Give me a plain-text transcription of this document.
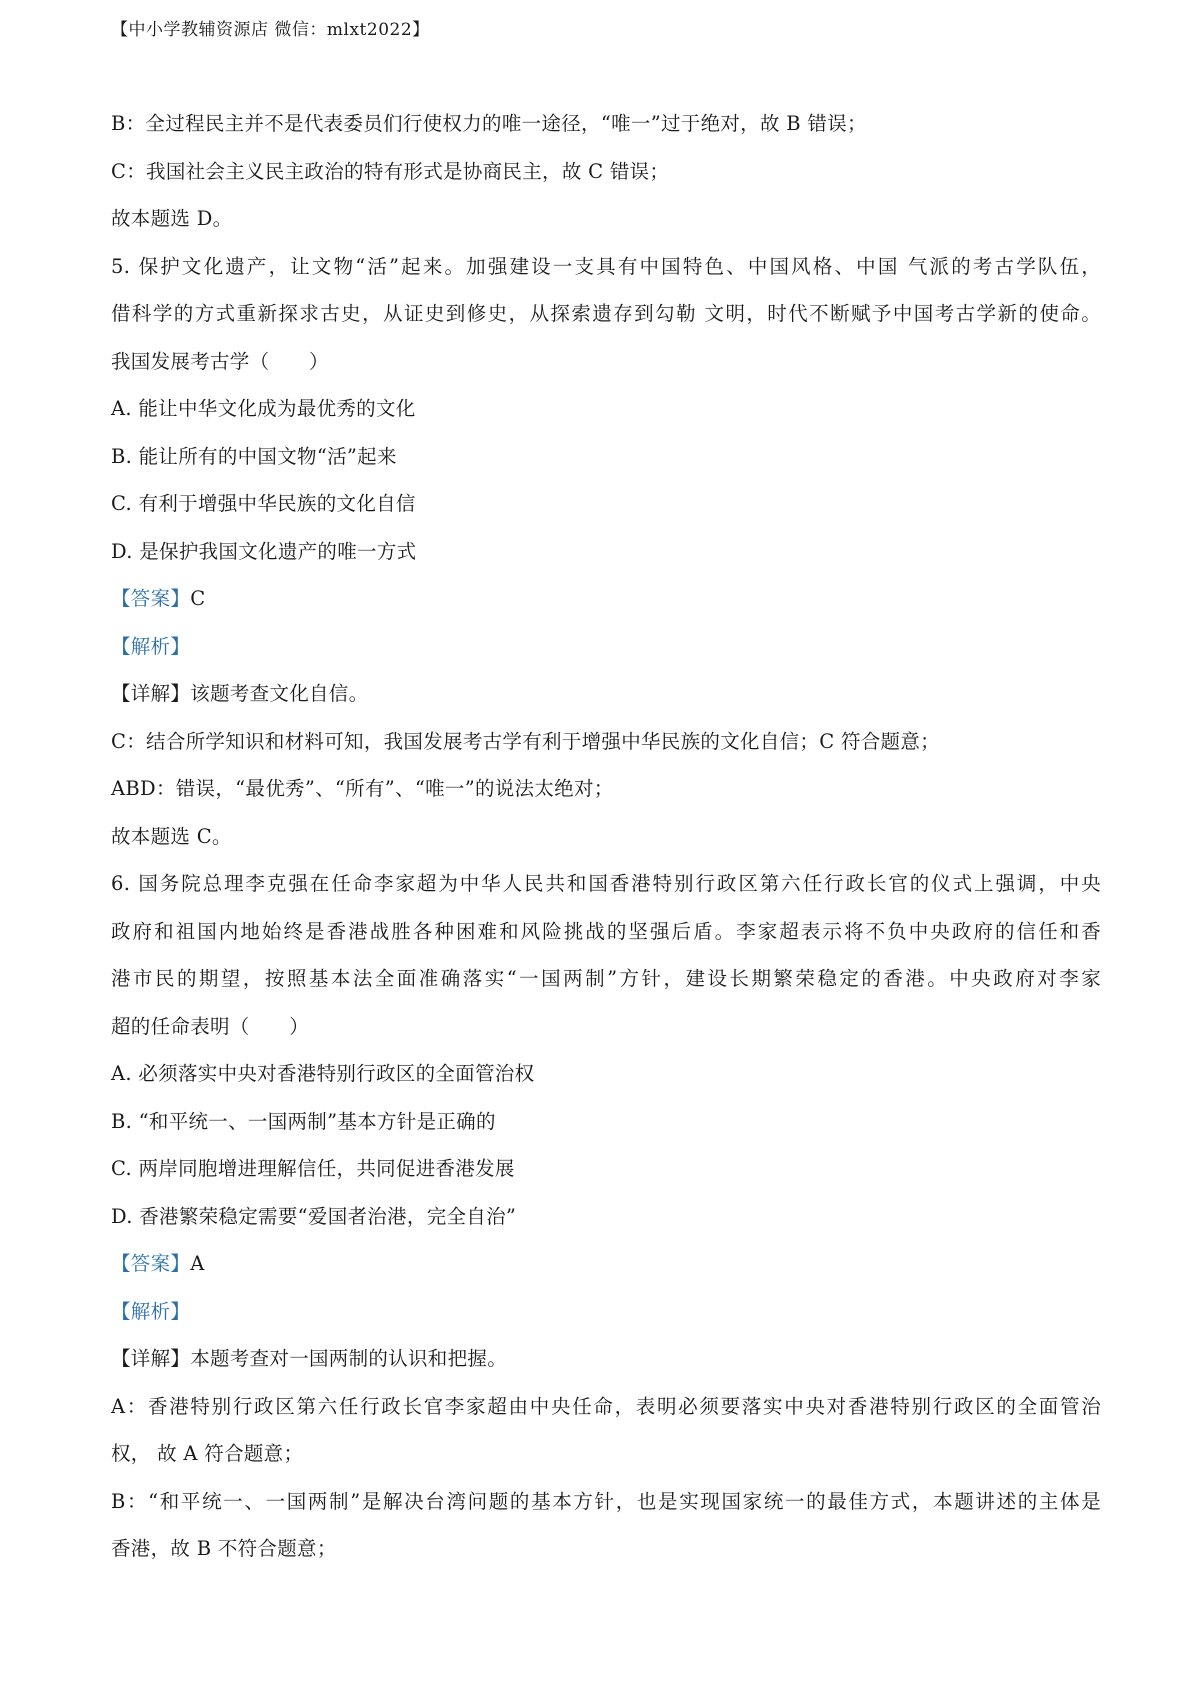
【中小学教辅资源店 微信：mlxt2022】
B：全过程民主并不是代表委员们行使权力的唯一途径，“唯一”过于绝对，故 B 错误；
C：我国社会主义民主政治的特有形式是协商民主，故 C 错误；
故本题选 D。
5. 保护文化遗产，让文物“活”起来。加强建设一支具有中国特色、中国风格、中国 气派的考古学队伍，
借科学的方式重新探求古史，从证史到修史，从探索遗存到勾勒 文明，时代不断赋予中国考古学新的使命。
我国发展考古学（　　）
A. 能让中华文化成为最优秀的文化
B. 能让所有的中国文物“活”起来
C. 有利于增强中华民族的文化自信
D. 是保护我国文化遗产的唯一方式
【答案】C
【解析】
【详解】该题考查文化自信。
C：结合所学知识和材料可知，我国发展考古学有利于增强中华民族的文化自信；C 符合题意；
ABD：错误，“最优秀”、“所有”、“唯一”的说法太绝对；
故本题选 C。
6. 国务院总理李克强在任命李家超为中华人民共和国香港特别行政区第六任行政长官的仪式上强调，中央
政府和祖国内地始终是香港战胜各种困难和风险挑战的坚强后盾。李家超表示将不负中央政府的信任和香
港市民的期望，按照基本法全面准确落实“一国两制”方针，建设长期繁荣稳定的香港。中央政府对李家
超的任命表明（　　）
A. 必须落实中央对香港特别行政区的全面管治权
B. “和平统一、一国两制”基本方针是正确的
C. 两岸同胞增进理解信任，共同促进香港发展
D. 香港繁荣稳定需要“爱国者治港，完全自治”
【答案】A
【解析】
【详解】本题考查对一国两制的认识和把握。
A：香港特别行政区第六任行政长官李家超由中央任命，表明必须要落实中央对香港特别行政区的全面管治
权， 故 A 符合题意；
B：“和平统一、一国两制”是解决台湾问题的基本方针，也是实现国家统一的最佳方式，本题讲述的主体是
香港，故 B 不符合题意；
